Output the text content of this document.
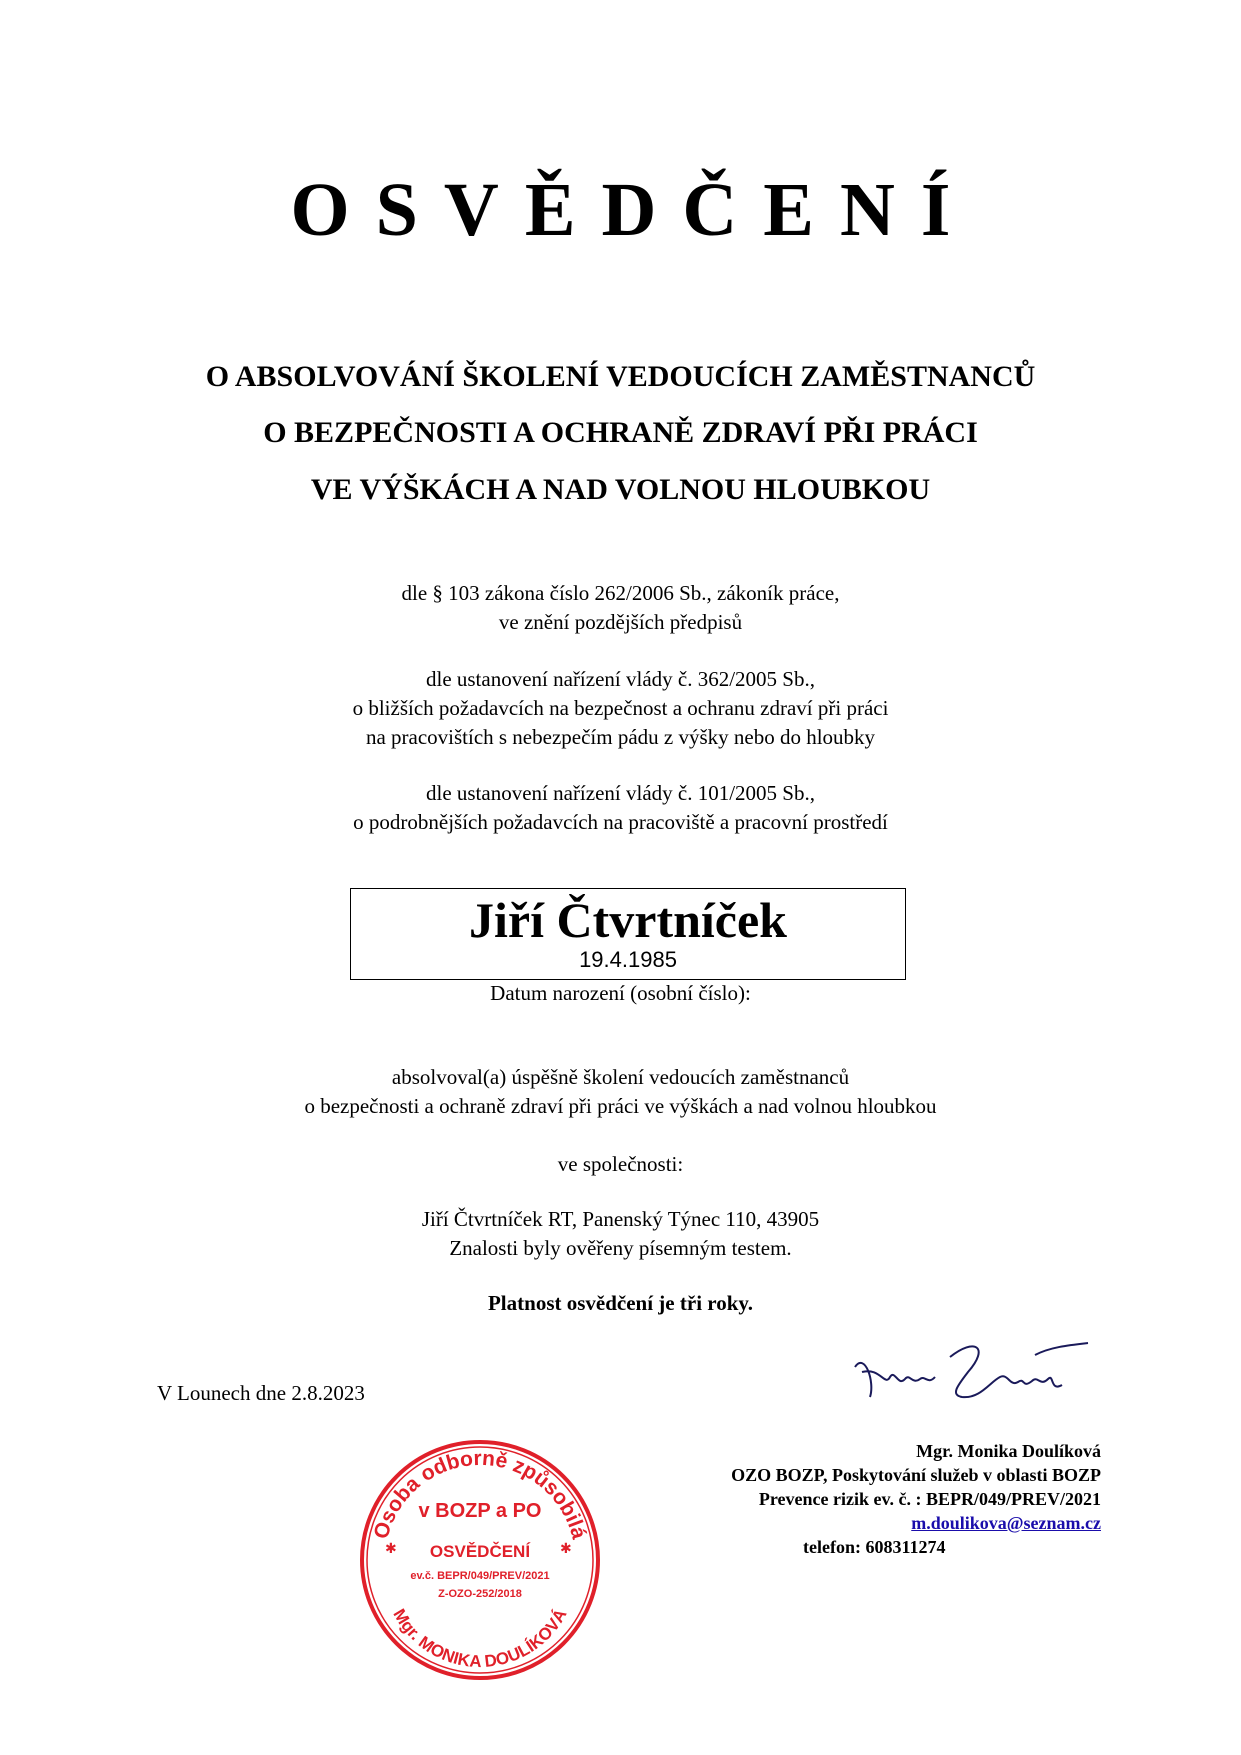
OSVĚDČENÍ
O ABSOLVOVÁNÍ ŠKOLENÍ VEDOUCÍCH ZAMĚSTNANCŮ
O BEZPEČNOSTI A OCHRANĚ ZDRAVÍ PŘI PRÁCI
VE VÝŠKÁCH A NAD VOLNOU HLOUBKOU
dle § 103 zákona číslo 262/2006 Sb., zákoník práce,
ve znění pozdějších předpisů
dle ustanovení nařízení vlády č. 362/2005 Sb.,
o bližších požadavcích na bezpečnost a ochranu zdraví při práci
na pracovištích s nebezpečím pádu z výšky nebo do hloubky
dle ustanovení nařízení vlády č. 101/2005 Sb.,
o podrobnějších požadavcích na pracoviště a pracovní prostředí
Jiří Čtvrtníček
19.4.1985
Datum narození (osobní číslo):
absolvoval(a) úspěšně školení vedoucích zaměstnanců
o bezpečnosti a ochraně zdraví při práci ve výškách a nad volnou hloubkou
ve společnosti:
Jiří Čtvrtníček RT, Panenský Týnec 110, 43905
Znalosti byly ověřeny písemným testem.
Platnost osvědčení je tři roky.
V Lounech dne 2.8.2023
Osoba odborně způsobilá
v BOZP a PO
OSVĚDČENÍ
ev.č. BEPR/049/PREV/2021
Z-OZO-252/2018
✱	✱
Mgr. MONIKA DOULÍKOVÁ
Mgr. Monika Doulíková
OZO BOZP, Poskytování služeb v oblasti BOZP
Prevence rizik ev. č. : BEPR/049/PREV/2021
m.doulikova@seznam.cz
telefon: 608311274
